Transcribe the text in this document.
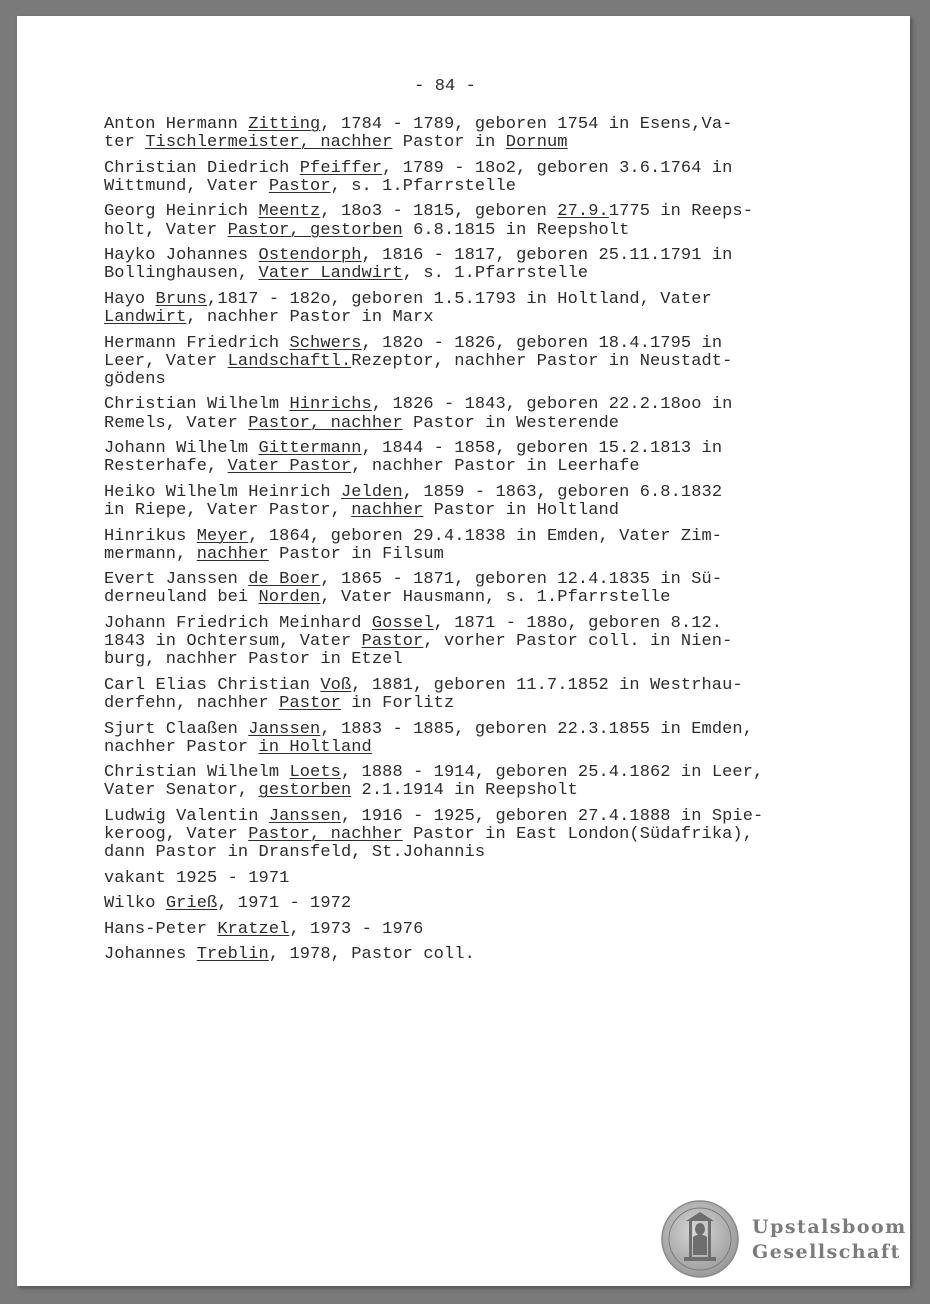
- 84 -
Anton Hermann Zitting, 1784 - 1789, geboren 1754 in Esens,Va-
ter Tischlermeister, nachher Pastor in Dornum
Christian Diedrich Pfeiffer, 1789 - 18o2, geboren 3.6.1764 in
Wittmund, Vater Pastor, s. 1.Pfarrstelle
Georg Heinrich Meentz, 18o3 - 1815, geboren 27.9.1775 in Reeps-
holt, Vater Pastor, gestorben 6.8.1815 in Reepsholt
Hayko Johannes Ostendorph, 1816 - 1817, geboren 25.11.1791 in
Bollinghausen, Vater Landwirt, s. 1.Pfarrstelle
Hayo Bruns,1817 - 182o, geboren 1.5.1793 in Holtland, Vater
Landwirt, nachher Pastor in Marx
Hermann Friedrich Schwers, 182o - 1826, geboren 18.4.1795 in
Leer, Vater Landschaftl.Rezeptor, nachher Pastor in Neustadt-
gödens
Christian Wilhelm Hinrichs, 1826 - 1843, geboren 22.2.18oo in
Remels, Vater Pastor, nachher Pastor in Westerende
Johann Wilhelm Gittermann, 1844 - 1858, geboren 15.2.1813 in
Resterhafe, Vater Pastor, nachher Pastor in Leerhafe
Heiko Wilhelm Heinrich Jelden, 1859 - 1863, geboren 6.8.1832
in Riepe, Vater Pastor, nachher Pastor in Holtland
Hinrikus Meyer, 1864, geboren 29.4.1838 in Emden, Vater Zim-
mermann, nachher Pastor in Filsum
Evert Janssen de Boer, 1865 - 1871, geboren 12.4.1835 in Sü-
derneuland bei Norden, Vater Hausmann, s. 1.Pfarrstelle
Johann Friedrich Meinhard Gossel, 1871 - 188o, geboren 8.12.
1843 in Ochtersum, Vater Pastor, vorher Pastor coll. in Nien-
burg, nachher Pastor in Etzel
Carl Elias Christian Voß, 1881, geboren 11.7.1852 in Westrhau-
derfehn, nachher Pastor in Forlitz
Sjurt Claaßen Janssen, 1883 - 1885, geboren 22.3.1855 in Emden,
nachher Pastor in Holtland
Christian Wilhelm Loets, 1888 - 1914, geboren 25.4.1862 in Leer,
Vater Senator, gestorben 2.1.1914 in Reepsholt
Ludwig Valentin Janssen, 1916 - 1925, geboren 27.4.1888 in Spie-
keroog, Vater Pastor, nachher Pastor in East London(Südafrika),
dann Pastor in Dransfeld, St.Johannis
vakant 1925 - 1971
Wilko Grieß, 1971 - 1972
Hans-Peter Kratzel, 1973 - 1976
Johannes Treblin, 1978, Pastor coll.
Upstalsboom
Gesellschaft
